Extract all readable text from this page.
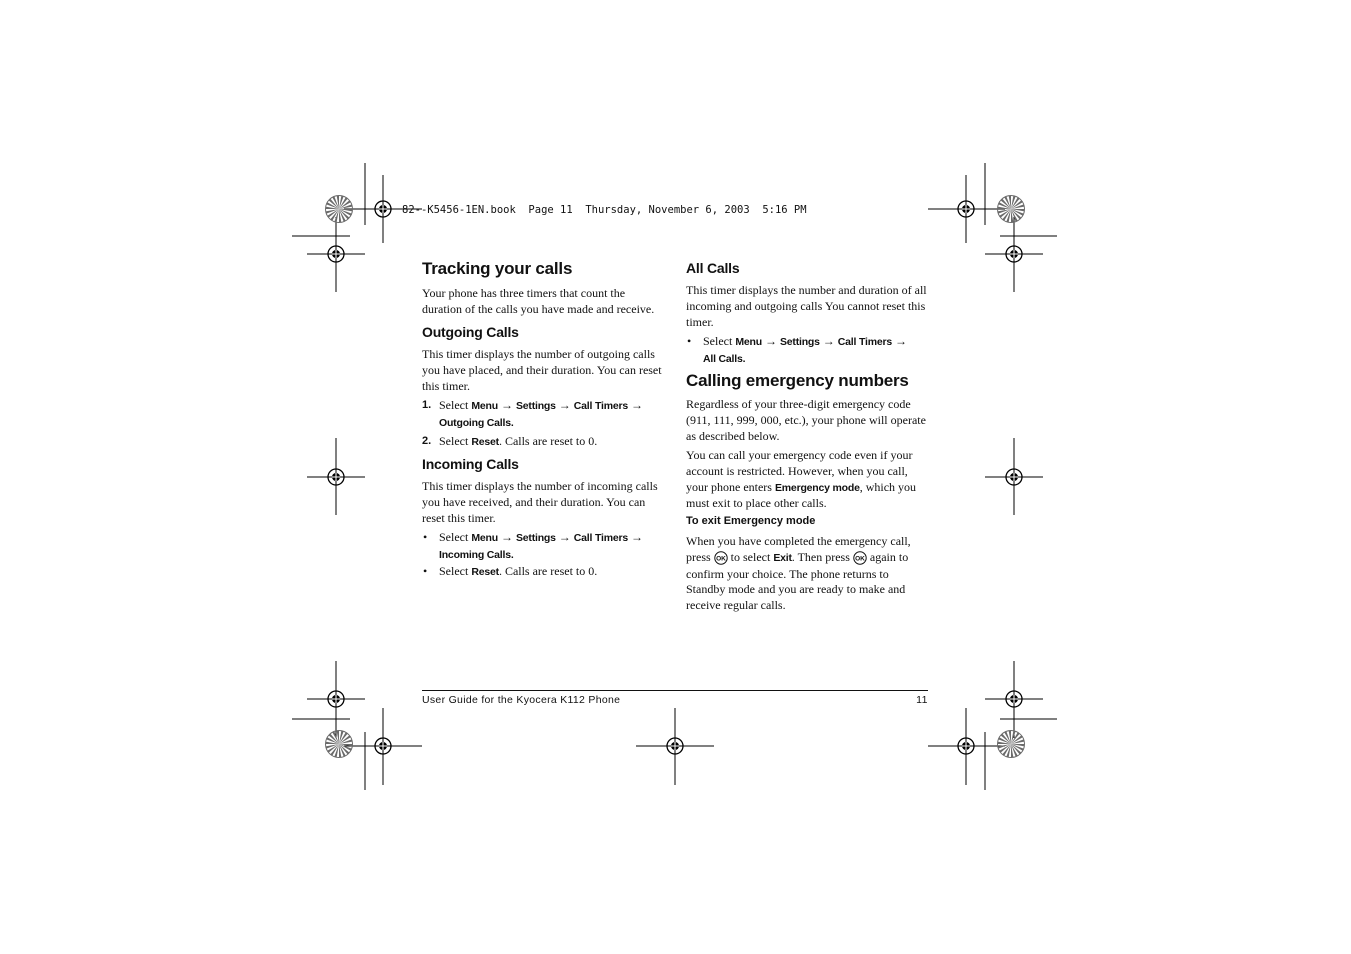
82--K5456-1EN.book  Page 11  Thursday, November 6, 2003  5:16 PM
Tracking your calls
Your phone has three timers that count the duration of the calls you have made and receive.
Outgoing Calls
This timer displays the number of outgoing calls you have placed, and their duration. You can reset this timer.
1. Select Menu → Settings → Call Timers →
Outgoing Calls.
2. Select Reset. Calls are reset to 0.
Incoming Calls
This timer displays the number of incoming calls you have received, and their duration. You can reset this timer.
• Select Menu → Settings → Call Timers →
Incoming Calls.
• Select Reset. Calls are reset to 0.
All Calls
This timer displays the number and duration of all incoming and outgoing calls You cannot reset this timer.
• Select Menu → Settings → Call Timers →
All Calls.
Calling emergency numbers
Regardless of your three-digit emergency code (911, 111, 999, 000, etc.), your phone will operate as described below.
You can call your emergency code even if your account is restricted. However, when you call, your phone enters Emergency mode, which you must exit to place other calls.
To exit Emergency mode
When you have completed the emergency call,
press OK to select Exit. Then press OK again to confirm your choice. The phone returns to Standby mode and you are ready to make and receive regular calls.
User Guide for the Kyocera K112 Phone	11
